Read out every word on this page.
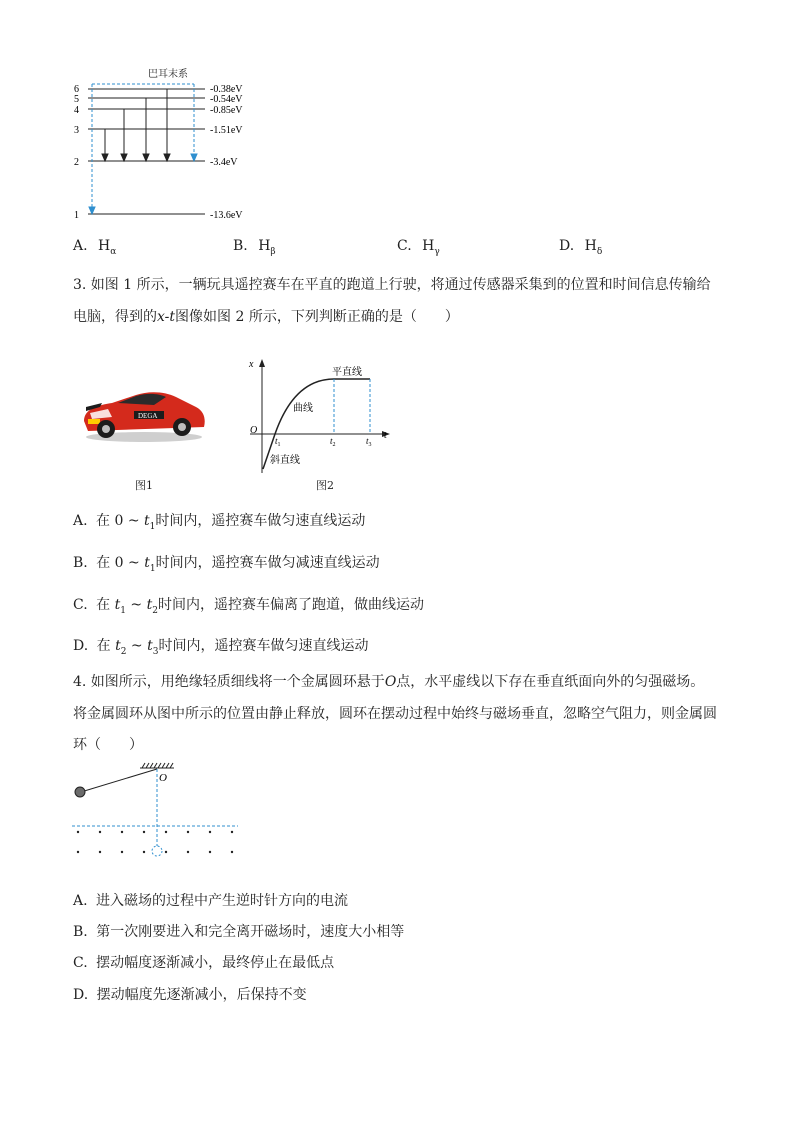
巴耳末系
6
5
4
3
2
1
-0.38eV
-0.54eV
-0.85eV
-1.51eV
-3.4eV
-13.6eV
A. $H_\alpha$	B. $H_\beta$	C. $H_\gamma$	D. $H_\delta$
3. 如图 1 所示，一辆玩具遥控赛车在平直的跑道上行驶，将通过传感器采集到的位置和时间信息传输给
电脑，得到的x-t图像如图 2 所示，下列判断正确的是（　　）
DEGA
图1
x
t
O
$t_1$	$t_2$	$t_3$
平直线
曲线
斜直线
图2
A. 在 0 ~ $t_1$时间内，遥控赛车做匀速直线运动
B. 在 0 ~ $t_1$时间内，遥控赛车做匀减速直线运动
C. 在 $t_1$ ~ $t_2$时间内，遥控赛车偏离了跑道，做曲线运动
D. 在 $t_2$ ~ $t_3$时间内，遥控赛车做匀速直线运动
4. 如图所示，用绝缘轻质细线将一个金属圆环悬于O点，水平虚线以下存在垂直纸面向外的匀强磁场。
将金属圆环从图中所示的位置由静止释放，圆环在摆动过程中始终与磁场垂直，忽略空气阻力，则金属圆
环（　　）
O
A. 进入磁场的过程中产生逆时针方向的电流
B. 第一次刚要进入和完全离开磁场时，速度大小相等
C. 摆动幅度逐渐减小，最终停止在最低点
D. 摆动幅度先逐渐减小，后保持不变
